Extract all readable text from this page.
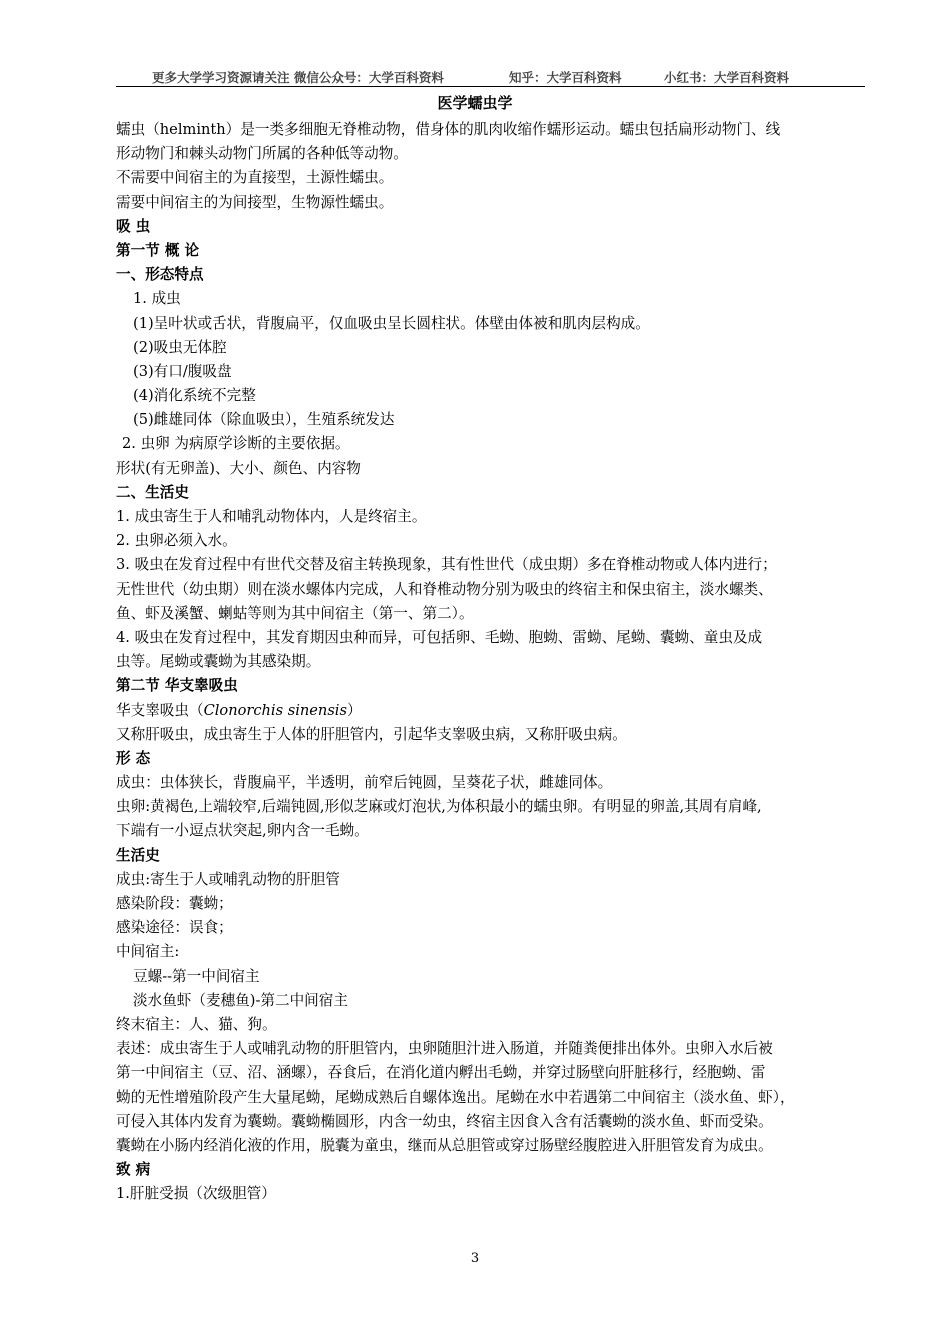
更多大学学习资源请关注 微信公众号：大学百科资料	知乎：大学百科资料	小红书：大学百科资料
医学蠕虫学
蠕虫（helminth）是一类多细胞无脊椎动物，借身体的肌肉收缩作蠕形运动。蠕虫包括扁形动物门、线
形动物门和棘头动物门所属的各种低等动物。
不需要中间宿主的为直接型，土源性蠕虫。
需要中间宿主的为间接型，生物源性蠕虫。
吸 虫
第一节 概 论
一、形态特点
1. 成虫
(1)呈叶状或舌状，背腹扁平，仅血吸虫呈长圆柱状。体壁由体被和肌肉层构成。
(2)吸虫无体腔
(3)有口/腹吸盘
(4)消化系统不完整
(5)雌雄同体（除血吸虫），生殖系统发达
2. 虫卵 为病原学诊断的主要依据。
形状(有无卵盖)、大小、颜色、内容物
二、生活史
1. 成虫寄生于人和哺乳动物体内，人是终宿主。
2. 虫卵必须入水。
3. 吸虫在发育过程中有世代交替及宿主转换现象，其有性世代（成虫期）多在脊椎动物或人体内进行；
无性世代（幼虫期）则在淡水螺体内完成，人和脊椎动物分别为吸虫的终宿主和保虫宿主，淡水螺类、
鱼、虾及溪蟹、蝲蛄等则为其中间宿主（第一、第二）。
4. 吸虫在发育过程中，其发育期因虫种而异，可包括卵、毛蚴、胞蚴、雷蚴、尾蚴、囊蚴、童虫及成
虫等。尾蚴或囊蚴为其感染期。
第二节 华支睾吸虫
华支睾吸虫（Clonorchis sinensis）
又称肝吸虫，成虫寄生于人体的肝胆管内，引起华支睾吸虫病，又称肝吸虫病。
形 态
成虫：虫体狭长，背腹扁平，半透明，前窄后钝圆，呈葵花子状，雌雄同体。
虫卵:黄褐色,上端较窄,后端钝圆,形似芝麻或灯泡状,为体积最小的蠕虫卵。有明显的卵盖,其周有肩峰,
下端有一小逗点状突起,卵内含一毛蚴。
生活史
成虫:寄生于人或哺乳动物的肝胆管
感染阶段：囊蚴；
感染途径：误食；
中间宿主:
豆螺--第一中间宿主
淡水鱼虾（麦穗鱼)-第二中间宿主
终末宿主：人、猫、狗。
表述：成虫寄生于人或哺乳动物的肝胆管内，虫卵随胆汁进入肠道，并随粪便排出体外。虫卵入水后被
第一中间宿主（豆、沼、涵螺），吞食后，在消化道内孵出毛蚴，并穿过肠壁向肝脏移行，经胞蚴、雷
蚴的无性增殖阶段产生大量尾蚴，尾蚴成熟后自螺体逸出。尾蚴在水中若遇第二中间宿主（淡水鱼、虾），
可侵入其体内发育为囊蚴。囊蚴椭圆形，内含一幼虫，终宿主因食入含有活囊蚴的淡水鱼、虾而受染。
囊蚴在小肠内经消化液的作用，脱囊为童虫，继而从总胆管或穿过肠壁经腹腔进入肝胆管发育为成虫。
致 病
1.肝脏受损（次级胆管）
3
